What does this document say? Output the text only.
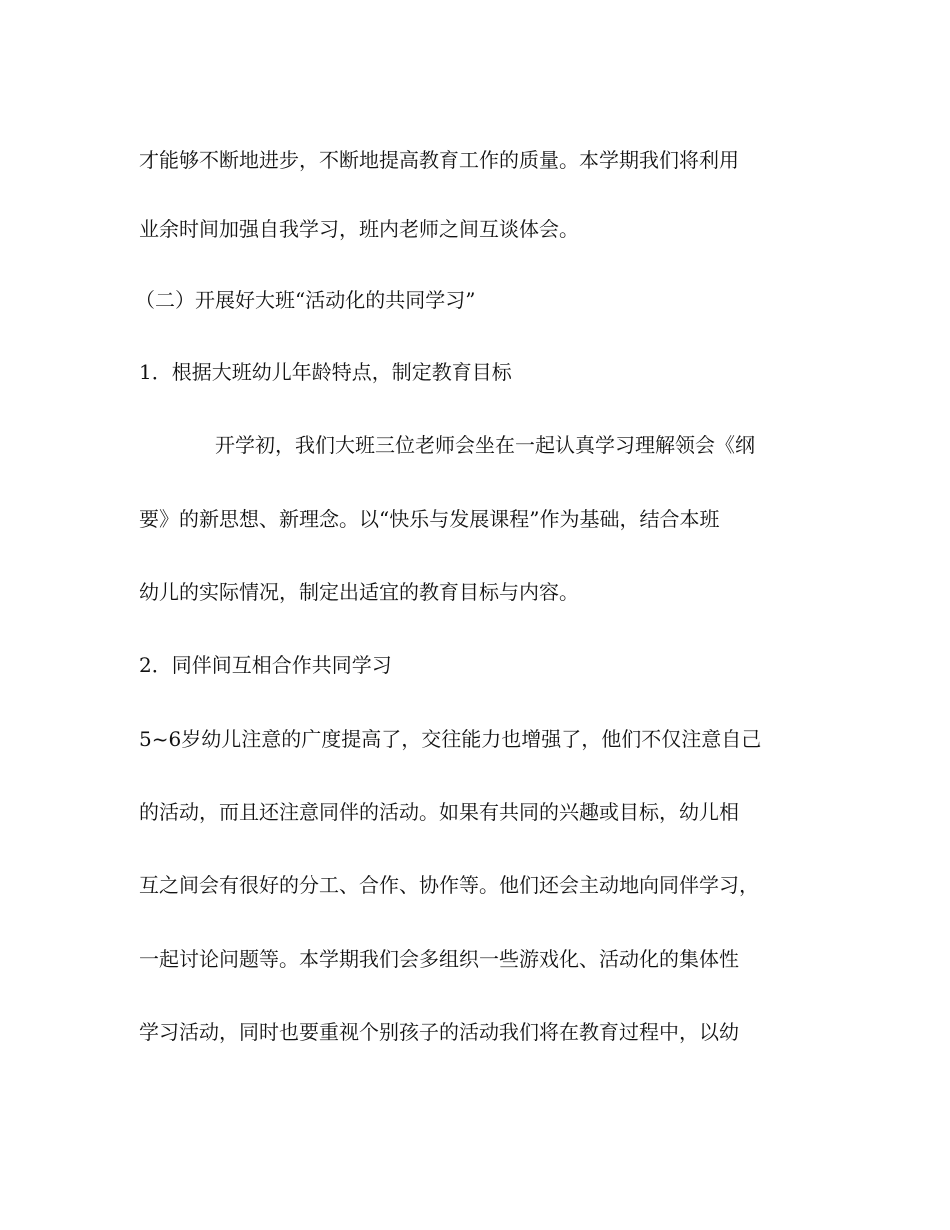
才能够不断地进步，不断地提高教育工作的质量。本学期我们将利用
业余时间加强自我学习，班内老师之间互谈体会。
（二）开展好大班“活动化的共同学习”
1．根据大班幼儿年龄特点，制定教育目标
开学初，我们大班三位老师会坐在一起认真学习理解领会《纲
要》的新思想、新理念。以“快乐与发展课程”作为基础，结合本班
幼儿的实际情况，制定出适宜的教育目标与内容。
2．同伴间互相合作共同学习
5~6岁幼儿注意的广度提高了，交往能力也增强了，他们不仅注意自己
的活动，而且还注意同伴的活动。如果有共同的兴趣或目标，幼儿相
互之间会有很好的分工、合作、协作等。他们还会主动地向同伴学习，
一起讨论问题等。本学期我们会多组织一些游戏化、活动化的集体性
学习活动，同时也要重视个别孩子的活动我们将在教育过程中，以幼
